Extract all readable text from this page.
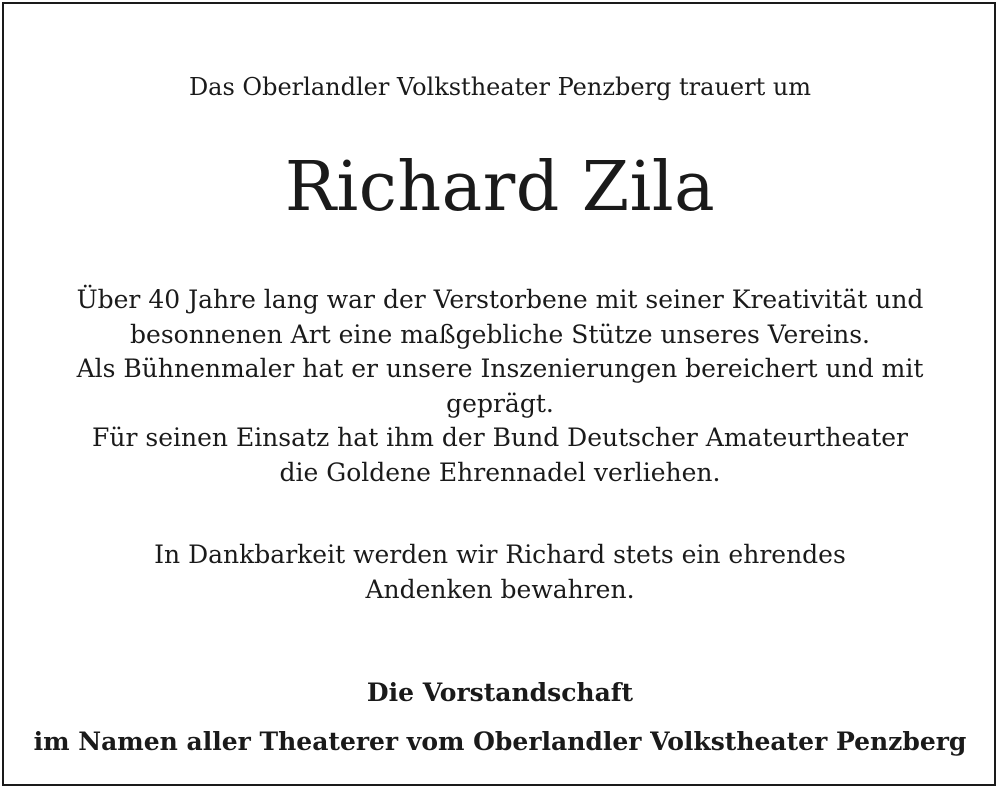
Das Oberlandler Volkstheater Penzberg trauert um
Richard Zila
Über 40 Jahre lang war der Verstorbene mit seiner Kreativität und
besonnenen Art eine maßgebliche Stütze unseres Vereins.
Als Bühnenmaler hat er unsere Inszenierungen bereichert und mit
geprägt.
Für seinen Einsatz hat ihm der Bund Deutscher Amateurtheater
die Goldene Ehrennadel verliehen.
In Dankbarkeit werden wir Richard stets ein ehrendes
Andenken bewahren.
Die Vorstandschaft
im Namen aller Theaterer vom Oberlandler Volkstheater Penzberg
